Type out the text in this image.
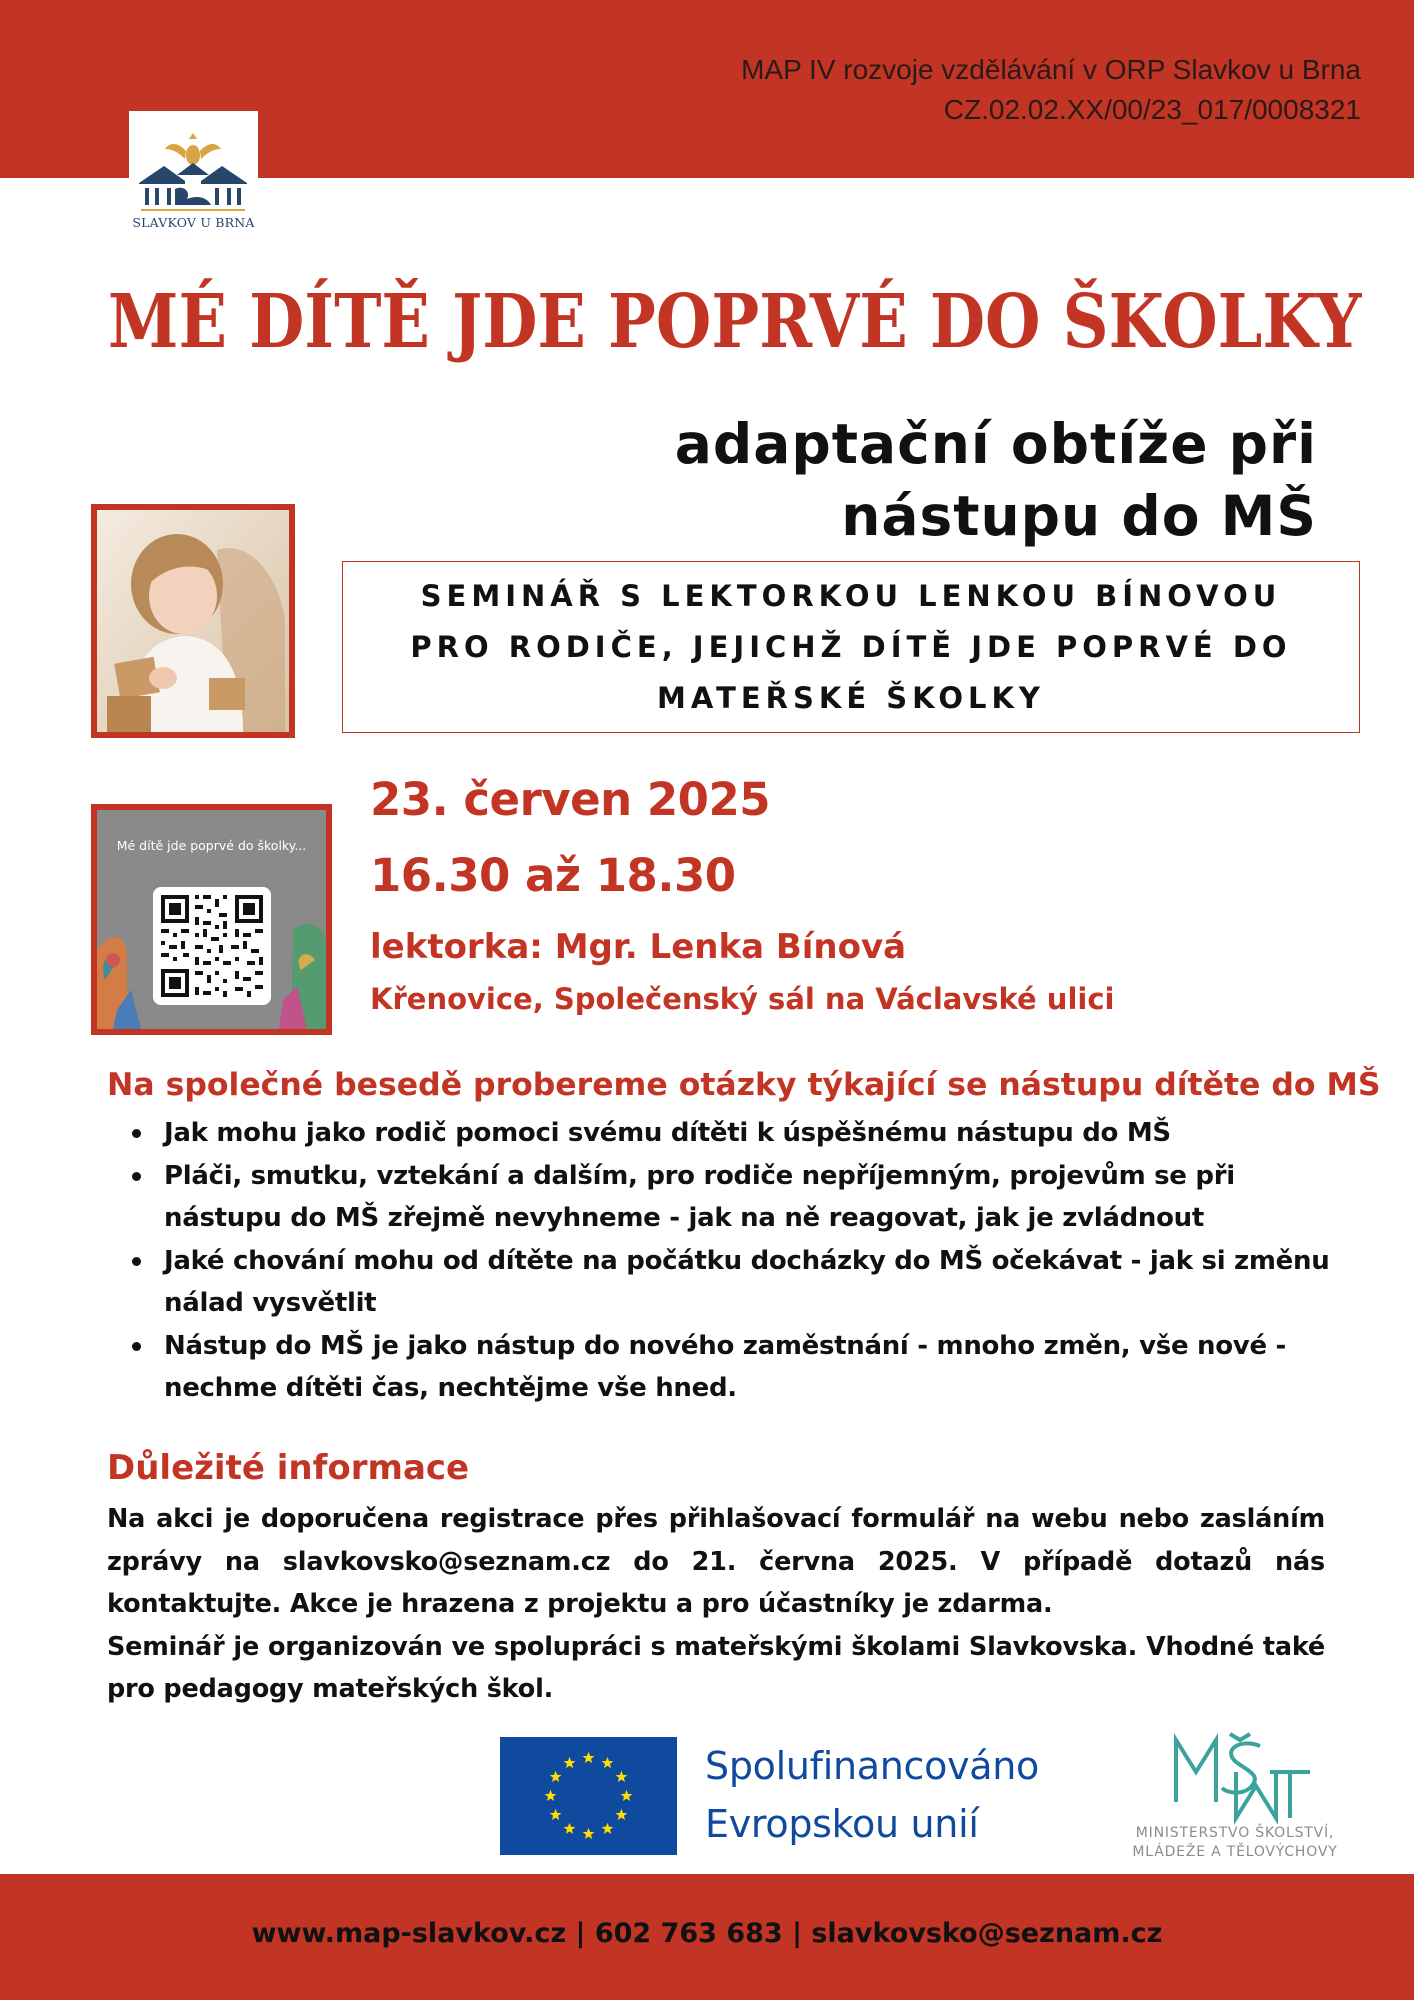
MAP IV rozvoje vzdělávání v ORP Slavkov u Brna
CZ.02.02.XX/00/23_017/0008321
SLAVKOV U BRNA
MÉ DÍTĚ JDE POPRVÉ DO ŠKOLKY
adaptační obtíže při
nástupu do MŠ

SEMINÁŘ S LEKTORKOU LENKOU BÍNOVOU
PRO RODIČE, JEJICHŽ DÍTĚ JDE POPRVÉ DO
MATEŘSKÉ ŠKOLKY

Mé dítě jde poprvé do školky...

23. červen 2025

16.30 až 18.30

lektorka: Mgr. Lenka Bínová

Křenovice, Společenský sál na Václavské ulici

Na společné besedě probereme otázky týkající se nástupu dítěte do MŠ
Jak mohu jako rodič pomoci svému dítěti k úspěšnému nástupu do MŠ
Pláči, smutku, vztekání a dalším, pro rodiče nepříjemným, projevům se při nástupu do MŠ zřejmě nevyhneme - jak na ně reagovat, jak je zvládnout
Jaké chování mohu od dítěte na počátku docházky do MŠ očekávat - jak si změnu nálad vysvětlit
Nástup do MŠ je jako nástup do nového zaměstnání - mnoho změn, vše nové - nechme dítěti čas, nechtějme vše hned.
Důležité informace
Na akci je doporučena registrace přes přihlašovací formulář na webu nebo zasláním zprávy na slavkovsko@seznam.cz do 21. června 2025. V případě dotazů nás kontaktujte. Akce je hrazena z projektu a pro účastníky je zdarma.
Seminář je organizován ve spolupráci s mateřskými školami Slavkovska. Vhodné také pro pedagogy mateřských škol.
Spolufinancováno
Evropskou unií	MINISTERSTVO ŠKOLSTVÍ,
MLÁDEŽE A TĚLOVÝCHOVY

www.map-slavkov.cz | 602 763 683 | slavkovsko@seznam.cz
